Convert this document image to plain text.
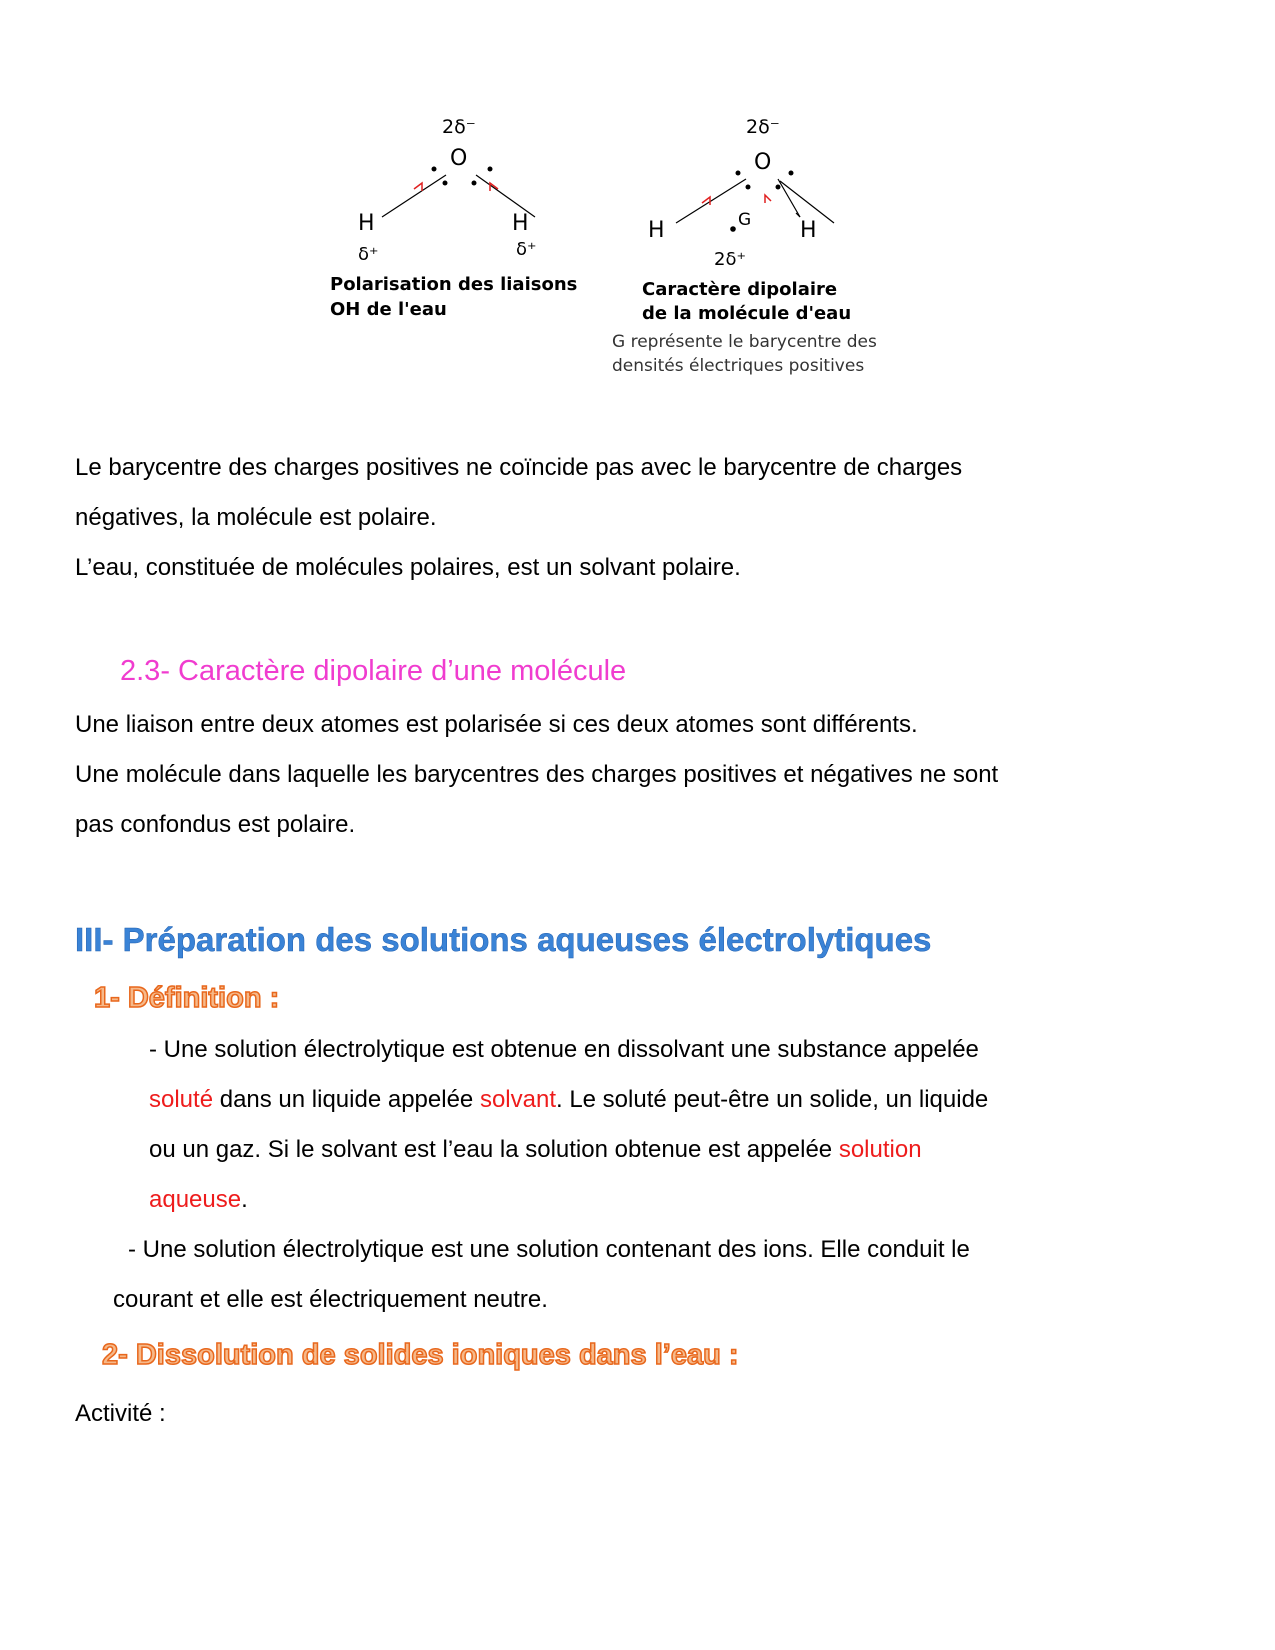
2δ⁻
O
H	H
δ⁺	δ⁺
Polarisation des liaisons
OH de l'eau
2δ⁻
O
H	H
G
2δ⁺
Caractère dipolaire
de la molécule d'eau
G représente le barycentre des
densités électriques positives
Le barycentre des charges positives ne coïncide pas avec le barycentre de charges
négatives, la molécule est polaire.
L’eau, constituée de molécules polaires, est un solvant polaire.
2.3- Caractère dipolaire d’une molécule
Une liaison entre deux atomes est polarisée si ces deux atomes sont différents.
Une molécule dans laquelle les barycentres des charges positives et négatives ne sont
pas confondus est polaire.
III- Préparation des solutions aqueuses électrolytiques
1- Définition :
- Une solution électrolytique est obtenue en dissolvant une substance appelée
soluté dans un liquide appelée solvant. Le soluté peut-être un solide, un liquide
ou un gaz. Si le solvant est l’eau la solution obtenue est appelée solution
aqueuse.
- Une solution électrolytique est une solution contenant des ions. Elle conduit le
courant et elle est électriquement neutre.
2- Dissolution de solides ioniques dans l’eau :
Activité :
